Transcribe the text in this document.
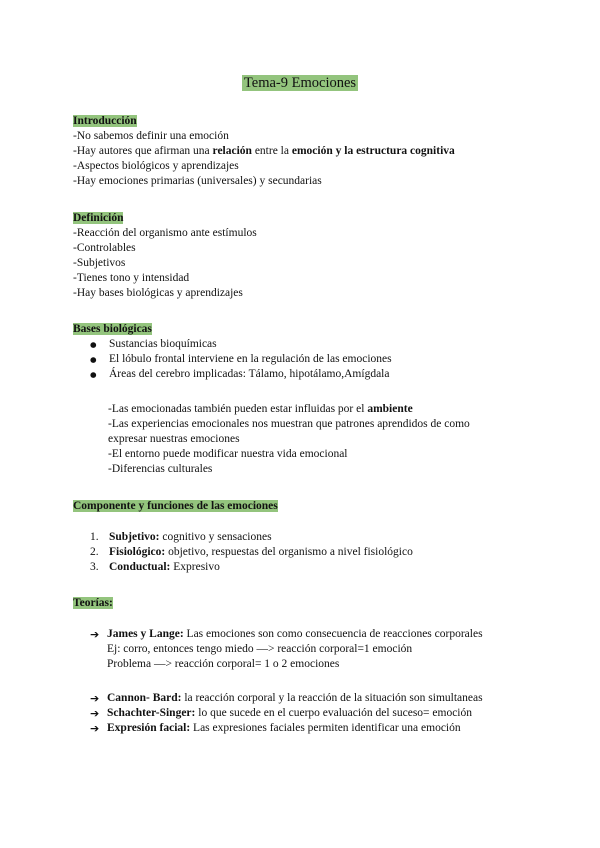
Tema-9 Emociones
Introducción
-No sabemos definir una emoción
-Hay autores que afirman una relación entre la emoción y la estructura cognitiva
-Aspectos biológicos y aprendizajes
-Hay emociones primarias (universales) y secundarias
Definición
-Reacción del organismo ante estímulos
-Controlables
-Subjetivos
-Tienes tono y intensidad
-Hay bases biológicas y aprendizajes
Bases biológicas
● Sustancias bioquímicas
● El lóbulo frontal interviene en la regulación de las emociones
● Áreas del cerebro implicadas: Tálamo, hipotálamo,Amígdala
-Las emocionadas también pueden estar influidas por el ambiente
-Las experiencias emocionales nos muestran que patrones aprendidos de como
expresar nuestras emociones
-El entorno puede modificar nuestra vida emocional
-Diferencias culturales
Componente y funciones de las emociones
1. Subjetivo: cognitivo y sensaciones
2. Fisiológico: objetivo, respuestas del organismo a nivel fisiológico
3. Conductual: Expresivo
Teorías:
➔ James y Lange: Las emociones son como consecuencia de reacciones corporales
Ej: corro, entonces tengo miedo —> reacción corporal=1 emoción
Problema —> reacción corporal= 1 o 2 emociones
➔ Cannon- Bard: la reacción corporal y la reacción de la situación son simultaneas
➔ Schachter-Singer: lo que sucede en el cuerpo evaluación del suceso= emoción
➔ Expresión facial: Las expresiones faciales permiten identificar una emoción
